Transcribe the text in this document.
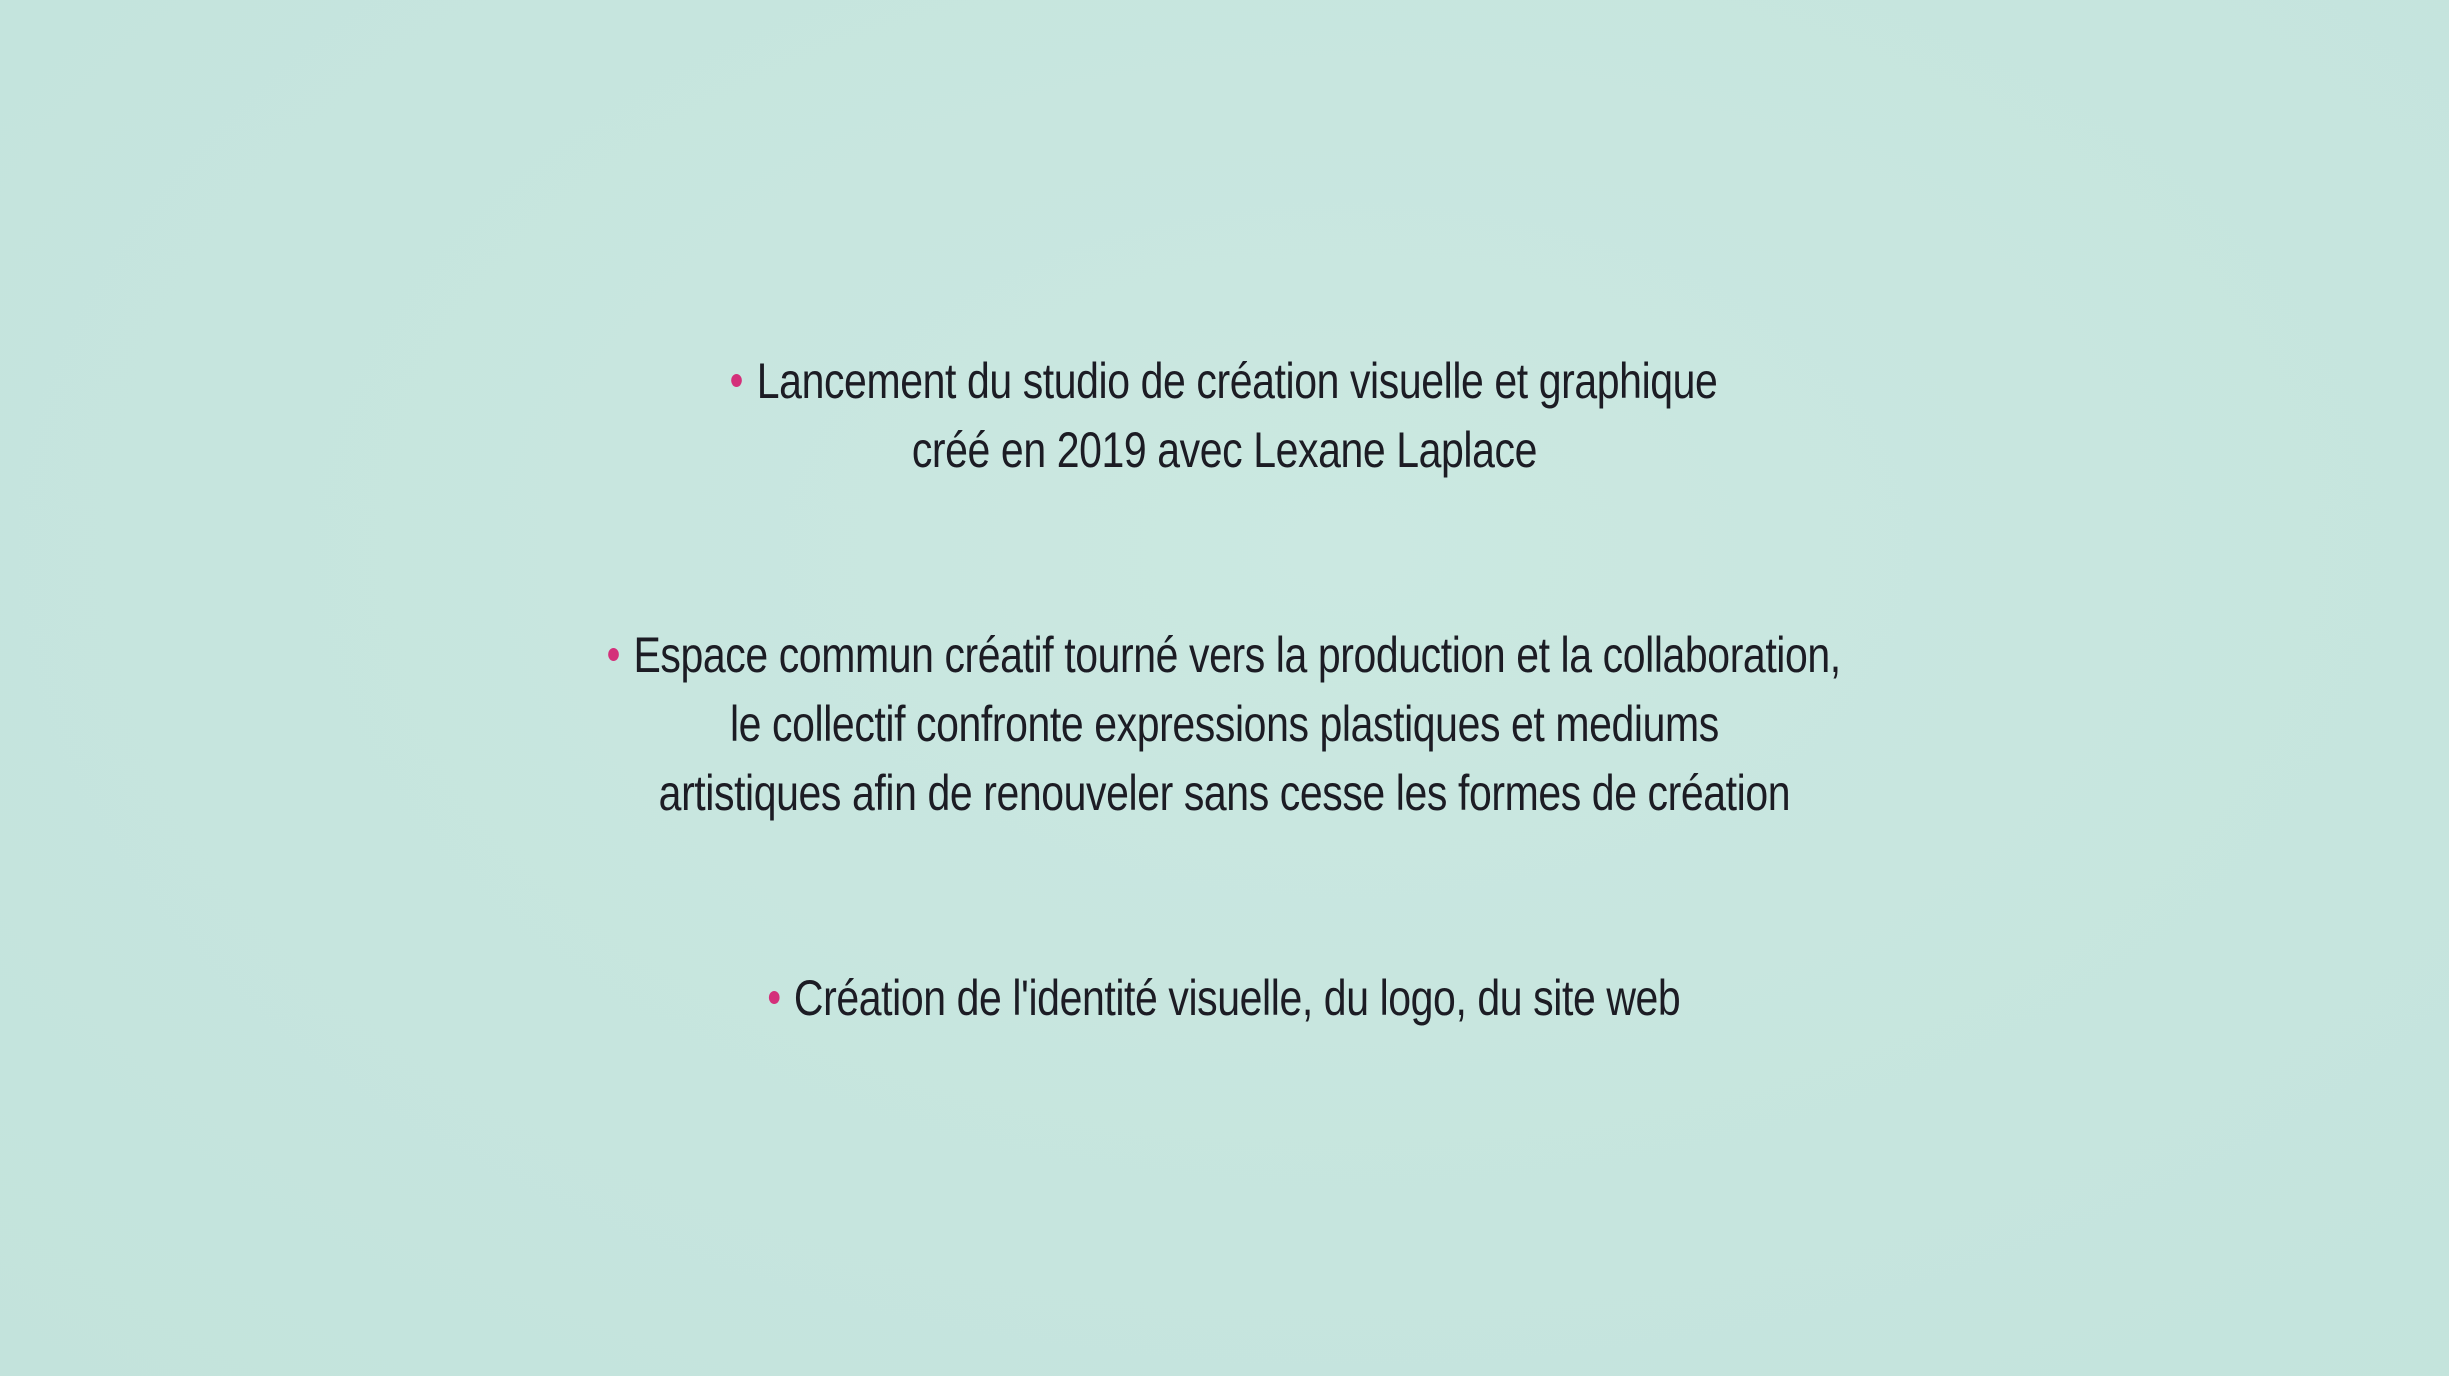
Lancement du studio de création visuelle et graphique
créé en 2019 avec Lexane Laplace
Espace commun créatif tourné vers la production et la collaboration,
le collectif confronte expressions plastiques et mediums
artistiques afin de renouveler sans cesse les formes de création
Création de l'identité visuelle, du logo, du site web
